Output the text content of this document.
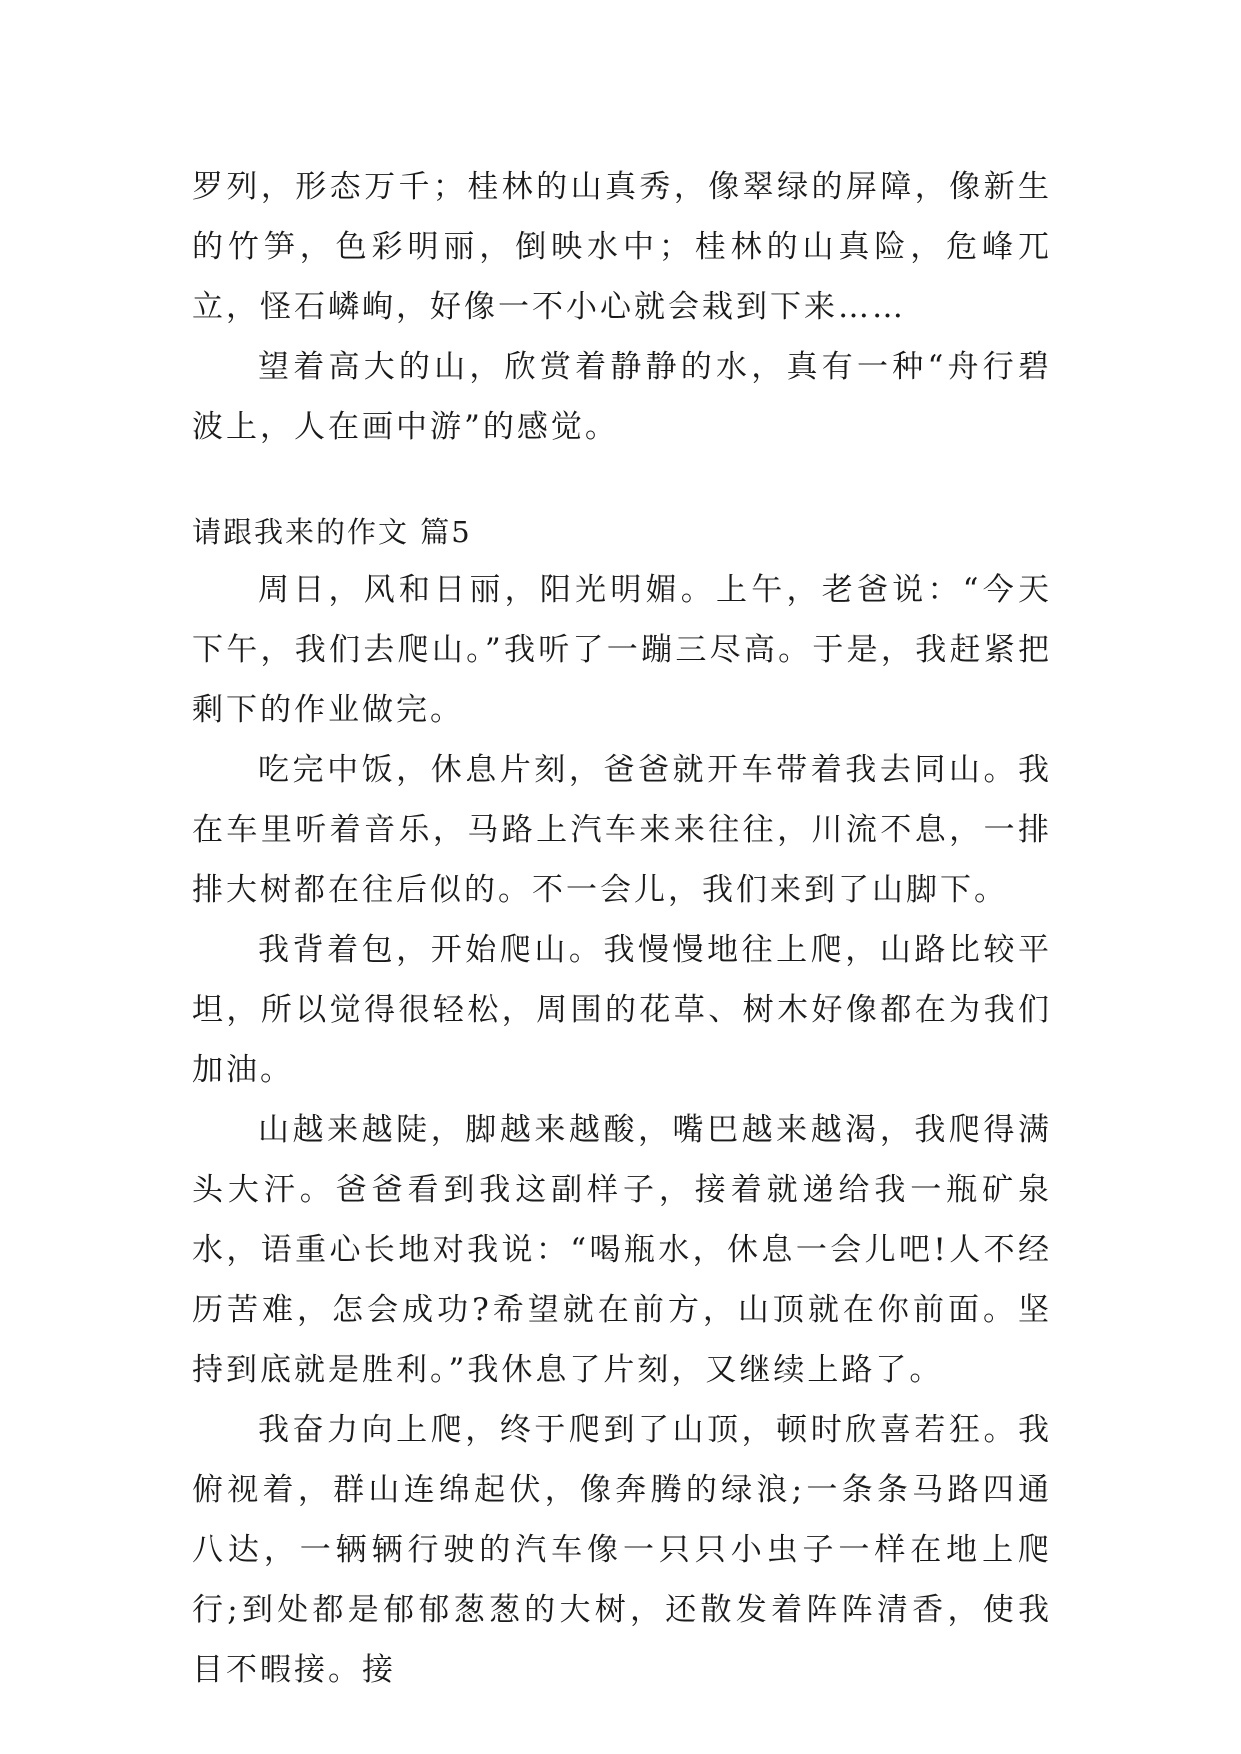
罗列，形态万千；桂林的山真秀，像翠绿的屏障，像新生的竹笋，色彩明丽，倒映水中；桂林的山真险，危峰兀立，怪石嶙峋，好像一不小心就会栽到下来……

望着高大的山，欣赏着静静的水，真有一种“舟行碧波上，人在画中游”的感觉。

请跟我来的作文 篇5

周日，风和日丽，阳光明媚。上午，老爸说：“今天下午，我们去爬山。”我听了一蹦三尽高。于是，我赶紧把剩下的作业做完。

吃完中饭，休息片刻，爸爸就开车带着我去同山。我在车里听着音乐，马路上汽车来来往往，川流不息，一排排大树都在往后似的。不一会儿，我们来到了山脚下。

我背着包，开始爬山。我慢慢地往上爬，山路比较平坦，所以觉得很轻松，周围的花草、树木好像都在为我们加油。

山越来越陡，脚越来越酸，嘴巴越来越渴，我爬得满头大汗。爸爸看到我这副样子，接着就递给我一瓶矿泉水，语重心长地对我说：“喝瓶水，休息一会儿吧!人不经历苦难，怎会成功?希望就在前方，山顶就在你前面。坚持到底就是胜利。”我休息了片刻，又继续上路了。

我奋力向上爬，终于爬到了山顶，顿时欣喜若狂。我俯视着，群山连绵起伏，像奔腾的绿浪;一条条马路四通八达，一辆辆行驶的汽车像一只只小虫子一样在地上爬行;到处都是郁郁葱葱的大树，还散发着阵阵清香，使我目不暇接。接
